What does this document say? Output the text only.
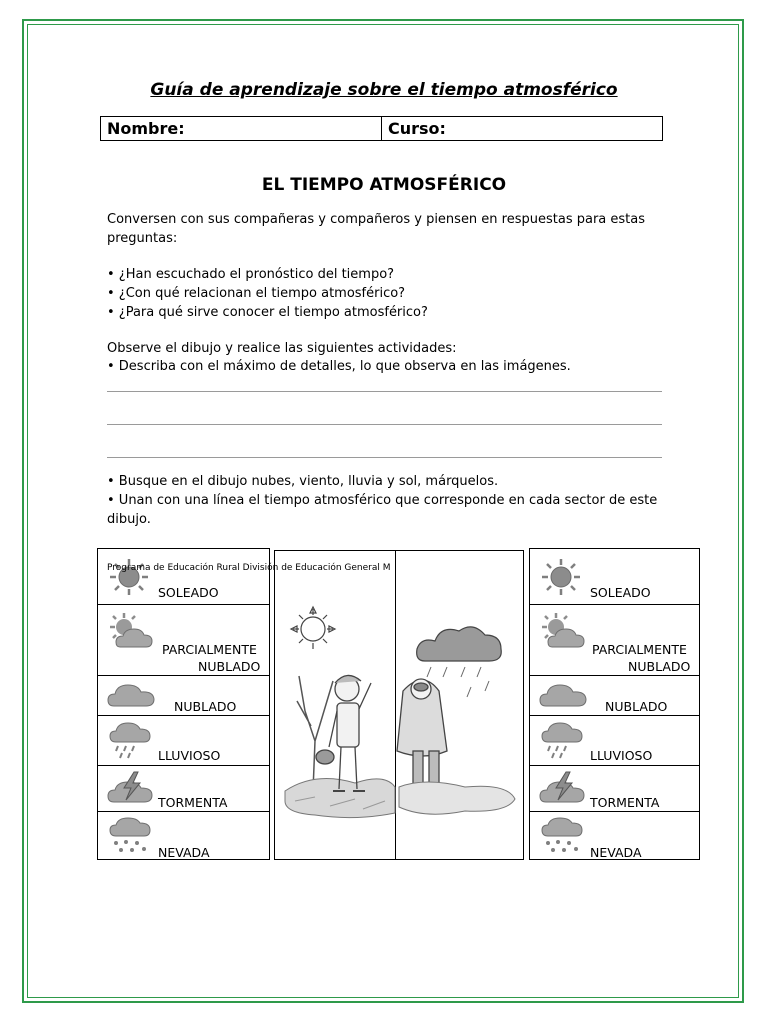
Guía de aprendizaje sobre el tiempo atmosférico
Nombre:	Curso:
EL TIEMPO ATMOSFÉRICO
Conversen con sus compañeras y compañeros y piensen en respuestas para estas preguntas:
• ¿Han escuchado el pronóstico del tiempo?
• ¿Con qué relacionan el tiempo atmosférico?
• ¿Para qué sirve conocer el tiempo atmosférico?
Observe el dibujo y realice las siguientes actividades:
• Describa con el máximo de detalles, lo que observa en las imágenes.
• Busque en el dibujo nubes, viento, lluvia y sol, márquelos.
• Unan con una línea el tiempo atmosférico que corresponde en cada sector de este dibujo.
SOLEADO
PARCIALMENTE
NUBLADO
NUBLADO
LLUVIOSO
TORMENTA
NEVADA
SOLEADO
PARCIALMENTE
NUBLADO
NUBLADO
LLUVIOSO
TORMENTA
NEVADA
Programa de Educación Rural División de Educación General M
